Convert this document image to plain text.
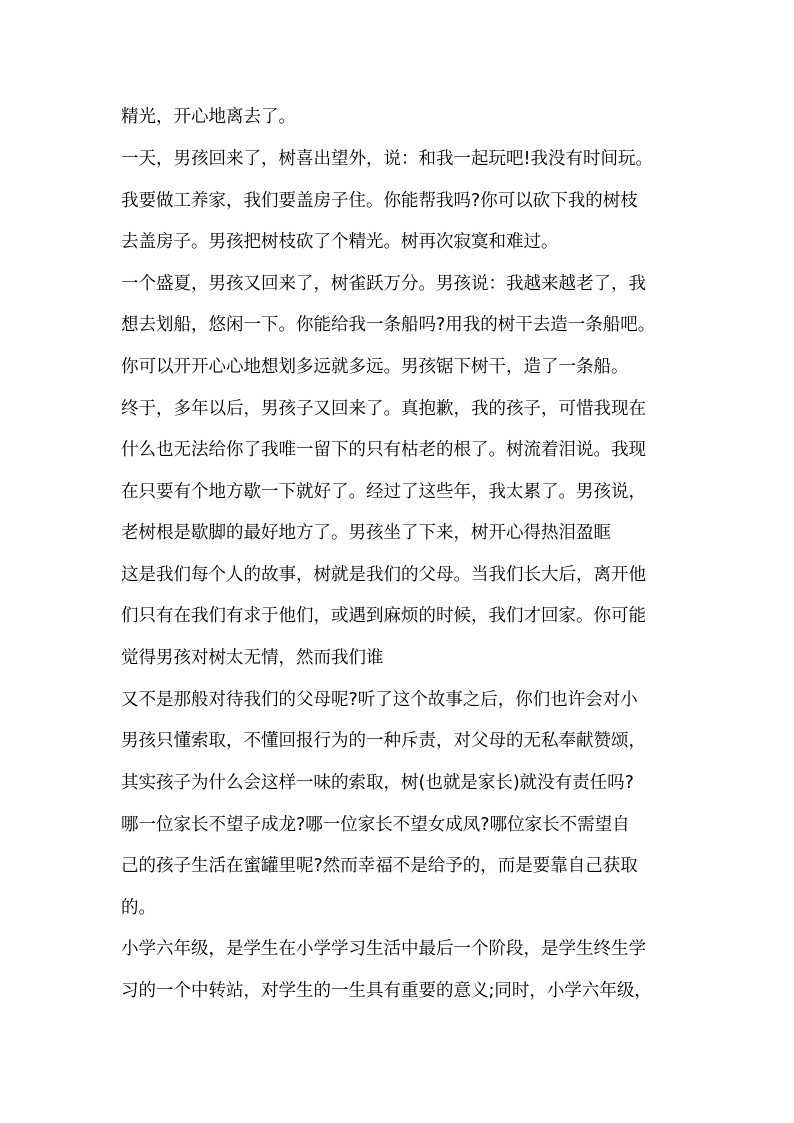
精光，开心地离去了。
一天，男孩回来了，树喜出望外，说：和我一起玩吧!我没有时间玩。
我要做工养家，我们要盖房子住。你能帮我吗?你可以砍下我的树枝
去盖房子。男孩把树枝砍了个精光。树再次寂寞和难过。
一个盛夏，男孩又回来了，树雀跃万分。男孩说：我越来越老了，我
想去划船，悠闲一下。你能给我一条船吗?用我的树干去造一条船吧。
你可以开开心心地想划多远就多远。男孩锯下树干，造了一条船。
终于，多年以后，男孩子又回来了。真抱歉，我的孩子，可惜我现在
什么也无法给你了我唯一留下的只有枯老的根了。树流着泪说。我现
在只要有个地方歇一下就好了。经过了这些年，我太累了。男孩说，
老树根是歇脚的最好地方了。男孩坐了下来，树开心得热泪盈眶
这是我们每个人的故事，树就是我们的父母。当我们长大后，离开他
们只有在我们有求于他们，或遇到麻烦的时候，我们才回家。你可能
觉得男孩对树太无情，然而我们谁
又不是那般对待我们的父母呢?听了这个故事之后，你们也许会对小
男孩只懂索取，不懂回报行为的一种斥责，对父母的无私奉献赞颂，
其实孩子为什么会这样一味的索取，树(也就是家长)就没有责任吗?
哪一位家长不望子成龙?哪一位家长不望女成凤?哪位家长不需望自
己的孩子生活在蜜罐里呢?然而幸福不是给予的，而是要靠自己获取
的。
小学六年级，是学生在小学学习生活中最后一个阶段，是学生终生学
习的一个中转站，对学生的一生具有重要的意义;同时，小学六年级，
